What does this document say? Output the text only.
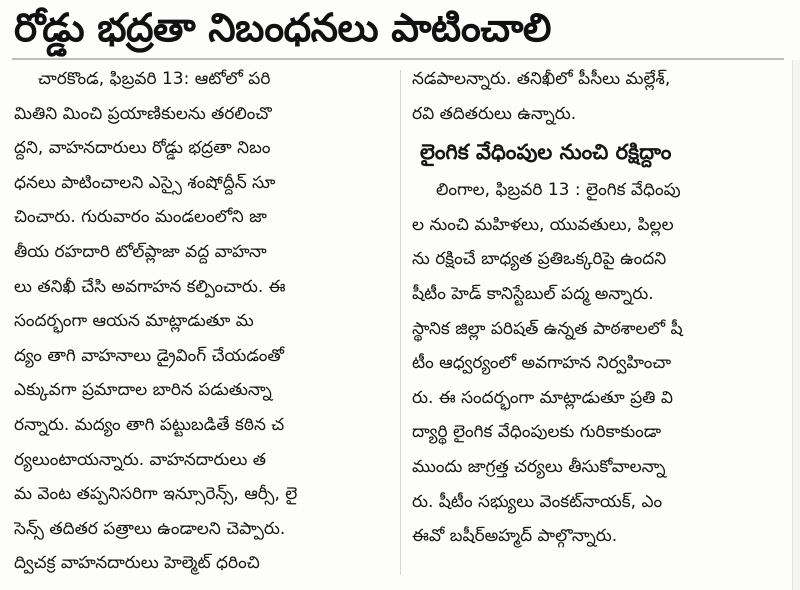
రోడ్డు భద్రతా నిబంధనలు పాటించాలి
చారకొండ, ఫిబ్రవరి 13: ఆటోలో పరి
మితిని మించి ప్రయాణికులను తరలించొ
ద్దని, వాహనదారులు రోడ్డు భద్రతా నిబం
ధనలు పాటించాలని ఎస్సై శంషోద్దీన్ సూ
చించారు. గురువారం మండలంలోని జా
తీయ రహదారి టోల్‌ప్లాజా వద్ద వాహనా
లు తనిఖీ చేసి అవగాహన కల్పించారు. ఈ
సందర్భంగా ఆయన మాట్లాడుతూ మ
ద్యం తాగి వాహనాలు డ్రైవింగ్ చేయడంతో
ఎక్కువగా ప్రమాదాల బారిన పడుతున్నా
రన్నారు. మద్యం తాగి పట్టుబడితే కఠిన చ
ర్యలుంటాయన్నారు. వాహనదారులు త
మ వెంట తప్పనిసరిగా ఇన్సూరెన్స్, ఆర్సీ, లై
సెన్స్ తదితర పత్రాలు ఉండాలని చెప్పారు.
ద్విచక్ర వాహనదారులు హెల్మెట్ ధరించి
నడపాలన్నారు. తనిఖీలో పీసీలు మల్లేశ్,
రవి తదితరులు ఉన్నారు.
లైంగిక వేధింపుల నుంచి రక్షిద్దాం
లింగాల, ఫిబ్రవరి 13 : లైంగిక వేధింపు
ల నుంచి మహిళలు, యువతులు, పిల్లల
ను రక్షించే బాధ్యత ప్రతిఒక్కరిపై ఉందని
షీటీం హెడ్ కానిస్టేబుల్ పద్మ అన్నారు.
స్థానిక జిల్లా పరిషత్ ఉన్నత పాఠశాలలో షీ
టీం ఆధ్వర్యంలో అవగాహన నిర్వహించా
రు. ఈ సందర్భంగా మాట్లాడుతూ ప్రతి వి
ద్యార్థి లైంగిక వేధింపులకు గురికాకుండా
ముందు జాగ్రత్త చర్యలు తీసుకోవాలన్నా
రు. షీటీం సభ్యులు వెంకట్‌నాయక్, ఎం
ఈవో బషీర్అహ్మద్ పాల్గొన్నారు.
